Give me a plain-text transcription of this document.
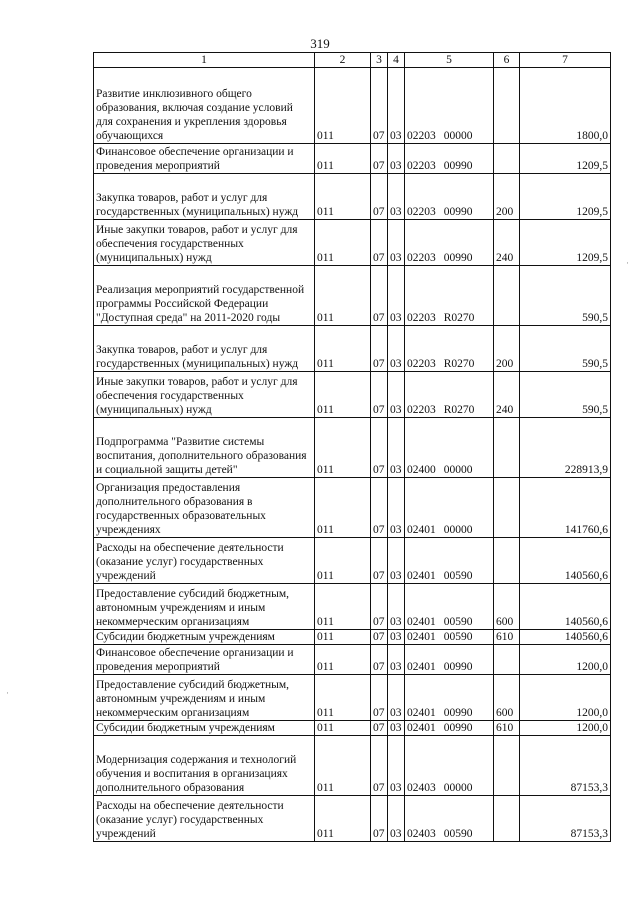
319
1	2	3	4	5	6	7
Развитие инклюзивного общего образования, включая создание условий для сохранения и укрепления здоровья обучающихся	011	07	03	02203 00000		1800,0
Финансовое обеспечение организации и проведения мероприятий	011	07	03	02203 00990		1209,5
Закупка товаров, работ и услуг для государственных (муниципальных) нужд	011	07	03	02203 00990	200	1209,5
Иные закупки товаров, работ и услуг для обеспечения государственных (муниципальных) нужд	011	07	03	02203 00990	240	1209,5
Реализация мероприятий государственной программы Российской Федерации "Доступная среда" на 2011-2020 годы	011	07	03	02203 R0270		590,5
Закупка товаров, работ и услуг для государственных (муниципальных) нужд	011	07	03	02203 R0270	200	590,5
Иные закупки товаров, работ и услуг для обеспечения государственных (муниципальных) нужд	011	07	03	02203 R0270	240	590,5
Подпрограмма "Развитие системы воспитания, дополнительного образования и социальной защиты детей"	011	07	03	02400 00000		228913,9
Организация предоставления дополнительного образования в государственных образовательных учреждениях	011	07	03	02401 00000		141760,6
Расходы на обеспечение деятельности (оказание услуг) государственных учреждений	011	07	03	02401 00590		140560,6
Предоставление субсидий бюджетным, автономным учреждениям и иным некоммерческим организациям	011	07	03	02401 00590	600	140560,6
Субсидии бюджетным учреждениям	011	07	03	02401 00590	610	140560,6
Финансовое обеспечение организации и проведения мероприятий	011	07	03	02401 00990		1200,0
Предоставление субсидий бюджетным, автономным учреждениям и иным некоммерческим организациям	011	07	03	02401 00990	600	1200,0
Субсидии бюджетным учреждениям	011	07	03	02401 00990	610	1200,0
Модернизация содержания и технологий обучения и воспитания в организациях дополнительного образования	011	07	03	02403 00000		87153,3
Расходы на обеспечение деятельности (оказание услуг) государственных учреждений	011	07	03	02403 00590		87153,3
·
·
